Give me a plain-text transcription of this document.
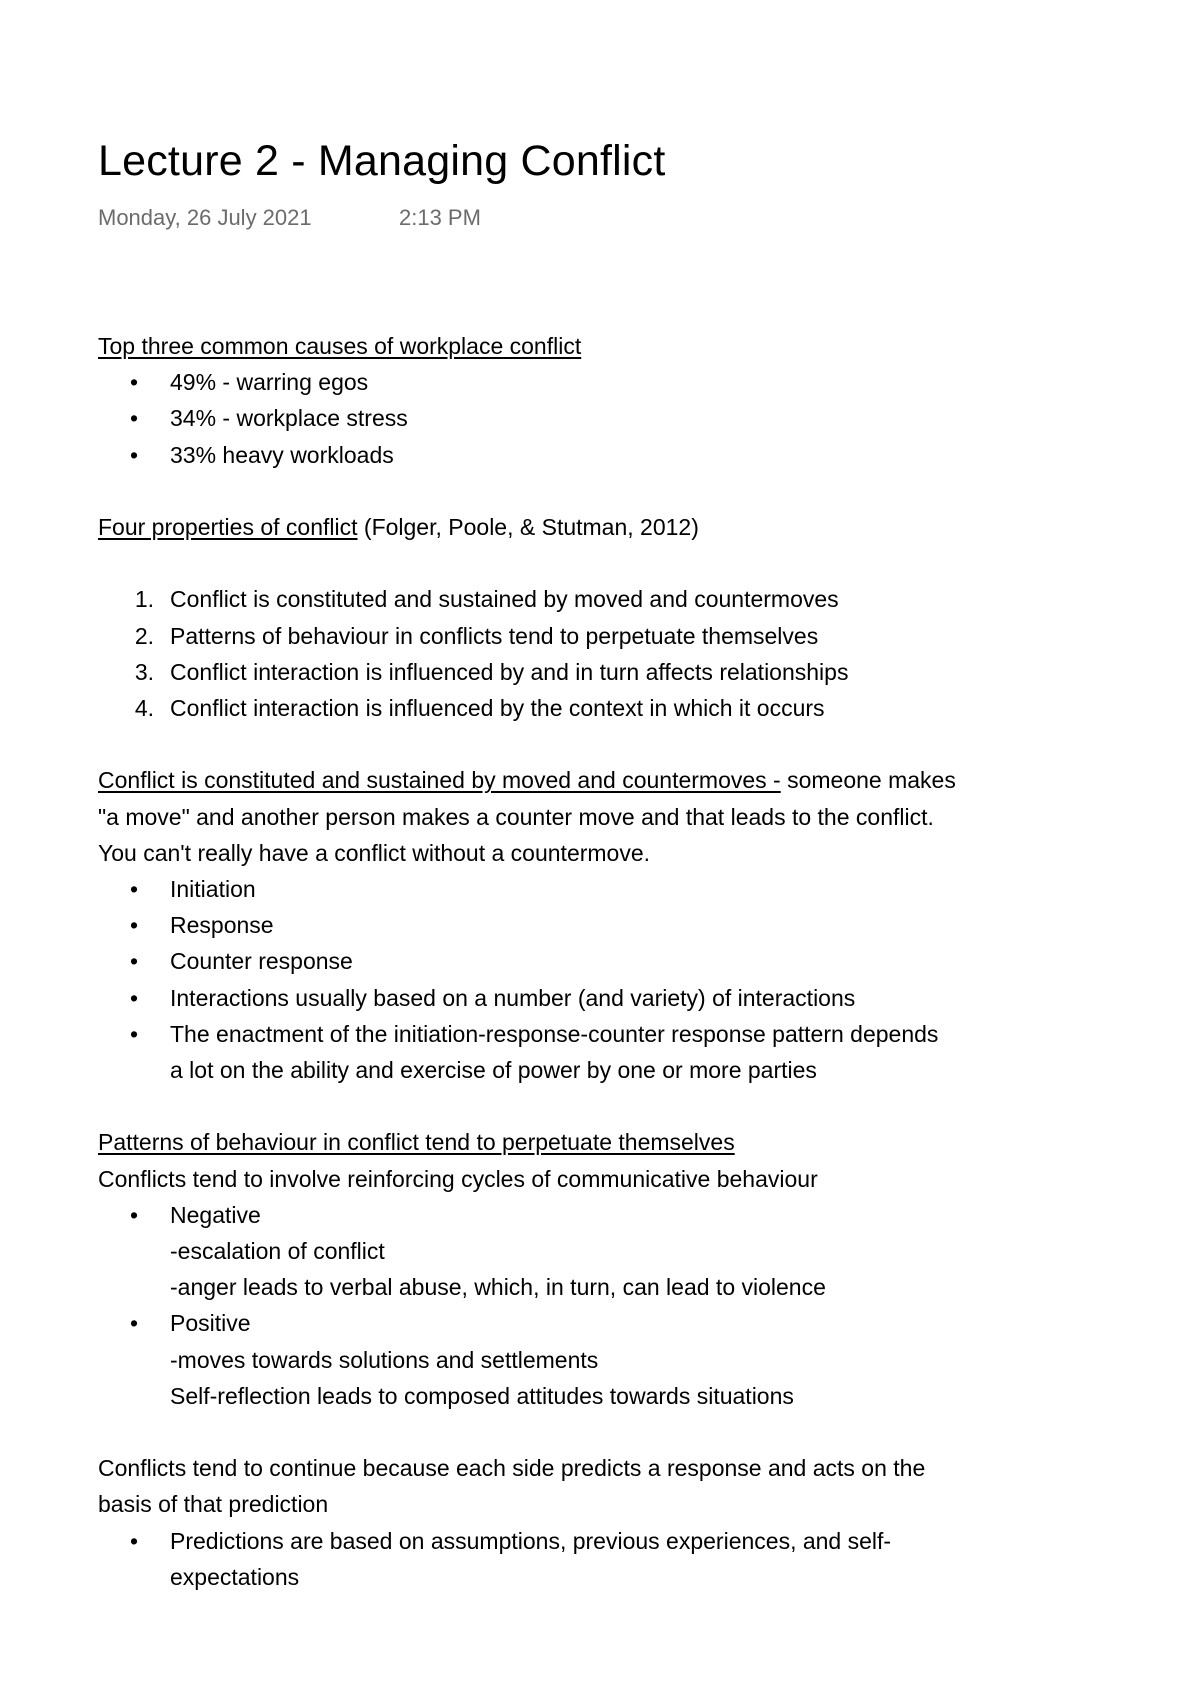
Lecture 2 - Managing Conflict
Monday, 26 July 2021	2:13 PM

Top three common causes of workplace conflict

• 49% - warring egos
• 34% - workplace stress
• 33% heavy workloads

Four properties of conflict (Folger, Poole, & Stutman, 2012)

1. Conflict is constituted and sustained by moved and countermoves
2. Patterns of behaviour in conflicts tend to perpetuate themselves
3. Conflict interaction is influenced by and in turn affects relationships
4. Conflict interaction is influenced by the context in which it occurs

Conflict is constituted and sustained by moved and countermoves - someone makes

"a move" and another person makes a counter move and that leads to the conflict.

You can't really have a conflict without a countermove.

• Initiation
• Response
• Counter response
• Interactions usually based on a number (and variety) of interactions
• The enactment of the initiation-response-counter response pattern depends
a lot on the ability and exercise of power by one or more parties

Patterns of behaviour in conflict tend to perpetuate themselves

Conflicts tend to involve reinforcing cycles of communicative behaviour

• Negative
-escalation of conflict
-anger leads to verbal abuse, which, in turn, can lead to violence
• Positive
-moves towards solutions and settlements
Self-reflection leads to composed attitudes towards situations

Conflicts tend to continue because each side predicts a response and acts on the

basis of that prediction

• Predictions are based on assumptions, previous experiences, and self-
expectations
